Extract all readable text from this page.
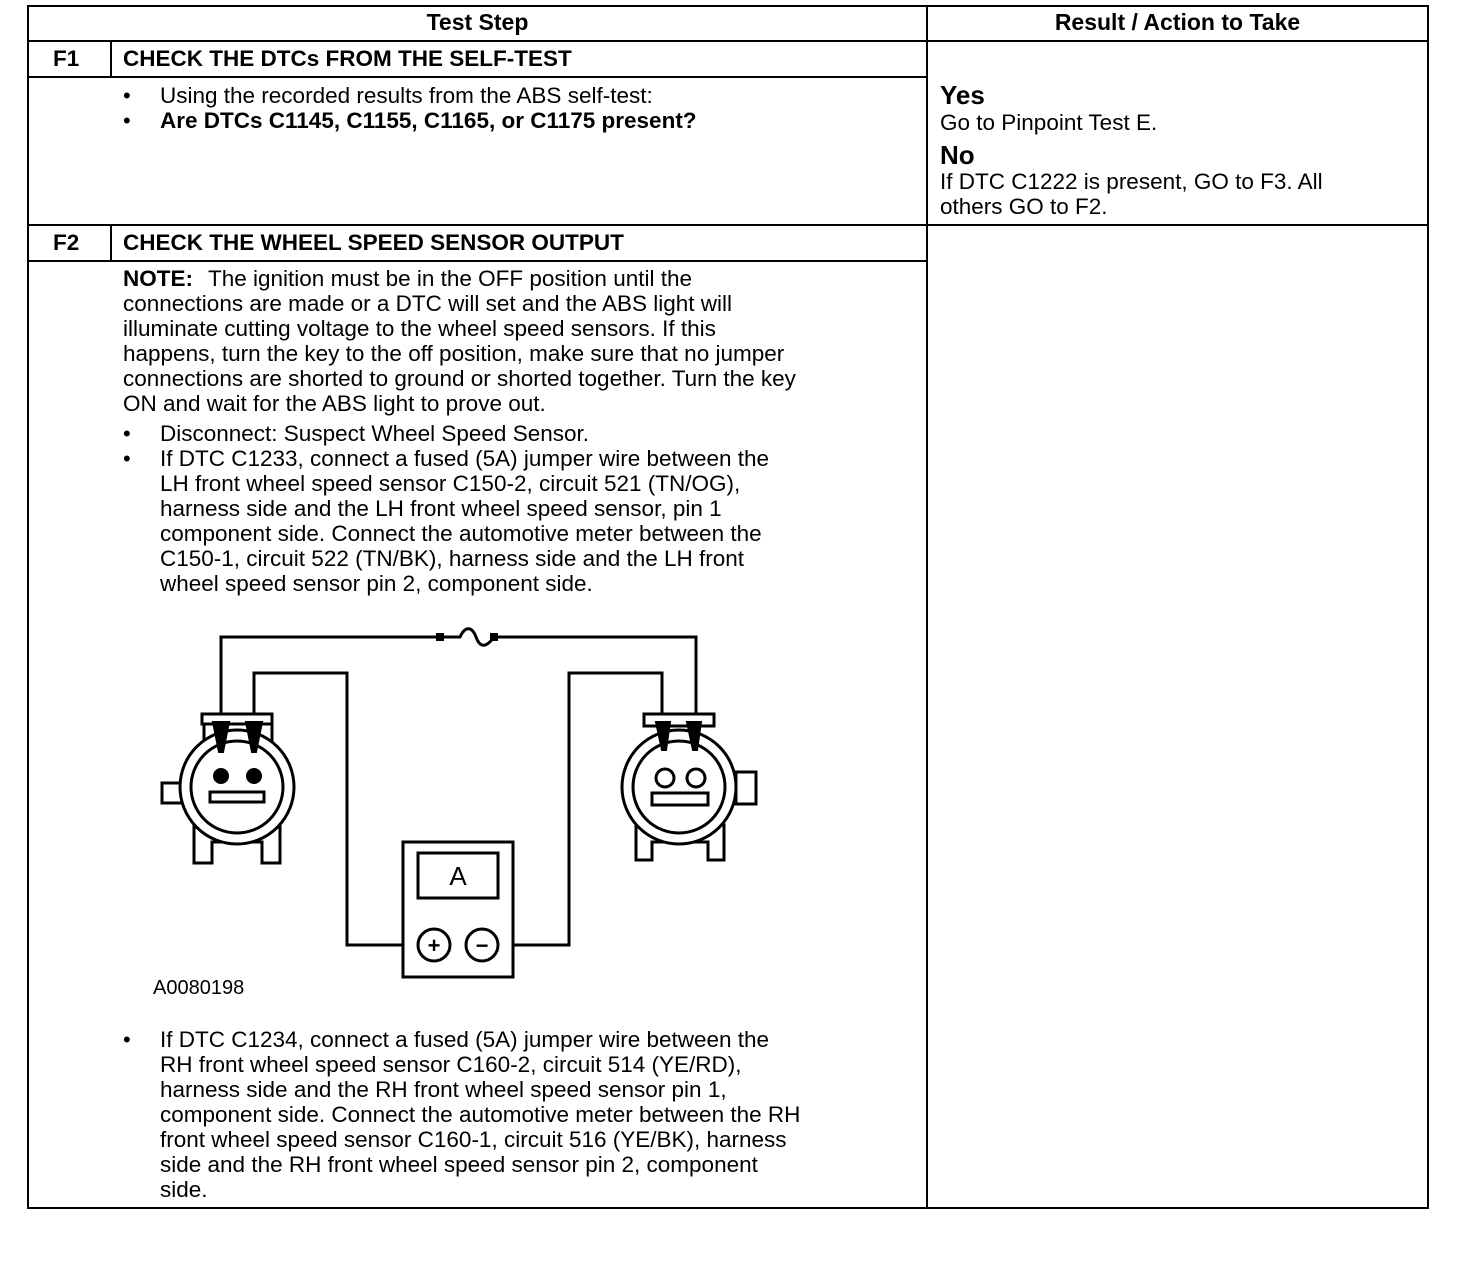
Test Step	Result / Action to Take
F1 CHECK THE DTCs FROM THE SELF-TEST
• Using the recorded results from the ABS self-test:
• Are DTCs C1145, C1155, C1165, or C1175 present?
Yes
Go to Pinpoint Test E.
No
If DTC C1222 is present, GO to F3. All
others GO to F2.
F2 CHECK THE WHEEL SPEED SENSOR OUTPUT
NOTE: The ignition must be in the OFF position until the
connections are made or a DTC will set and the ABS light will
illuminate cutting voltage to the wheel speed sensors. If this
happens, turn the key to the off position, make sure that no jumper
connections are shorted to ground or shorted together. Turn the key
ON and wait for the ABS light to prove out.
• Disconnect: Suspect Wheel Speed Sensor.
• If DTC C1233, connect a fused (5A) jumper wire between the
LH front wheel speed sensor C150-2, circuit 521 (TN/OG),
harness side and the LH front wheel speed sensor, pin 1
component side. Connect the automotive meter between the
C150-1, circuit 522 (TN/BK), harness side and the LH front
wheel speed sensor pin 2, component side.
A
+ −
A0080198
• If DTC C1234, connect a fused (5A) jumper wire between the
RH front wheel speed sensor C160-2, circuit 514 (YE/RD),
harness side and the RH front wheel speed sensor pin 1,
component side. Connect the automotive meter between the RH
front wheel speed sensor C160-1, circuit 516 (YE/BK), harness
side and the RH front wheel speed sensor pin 2, component
side.
